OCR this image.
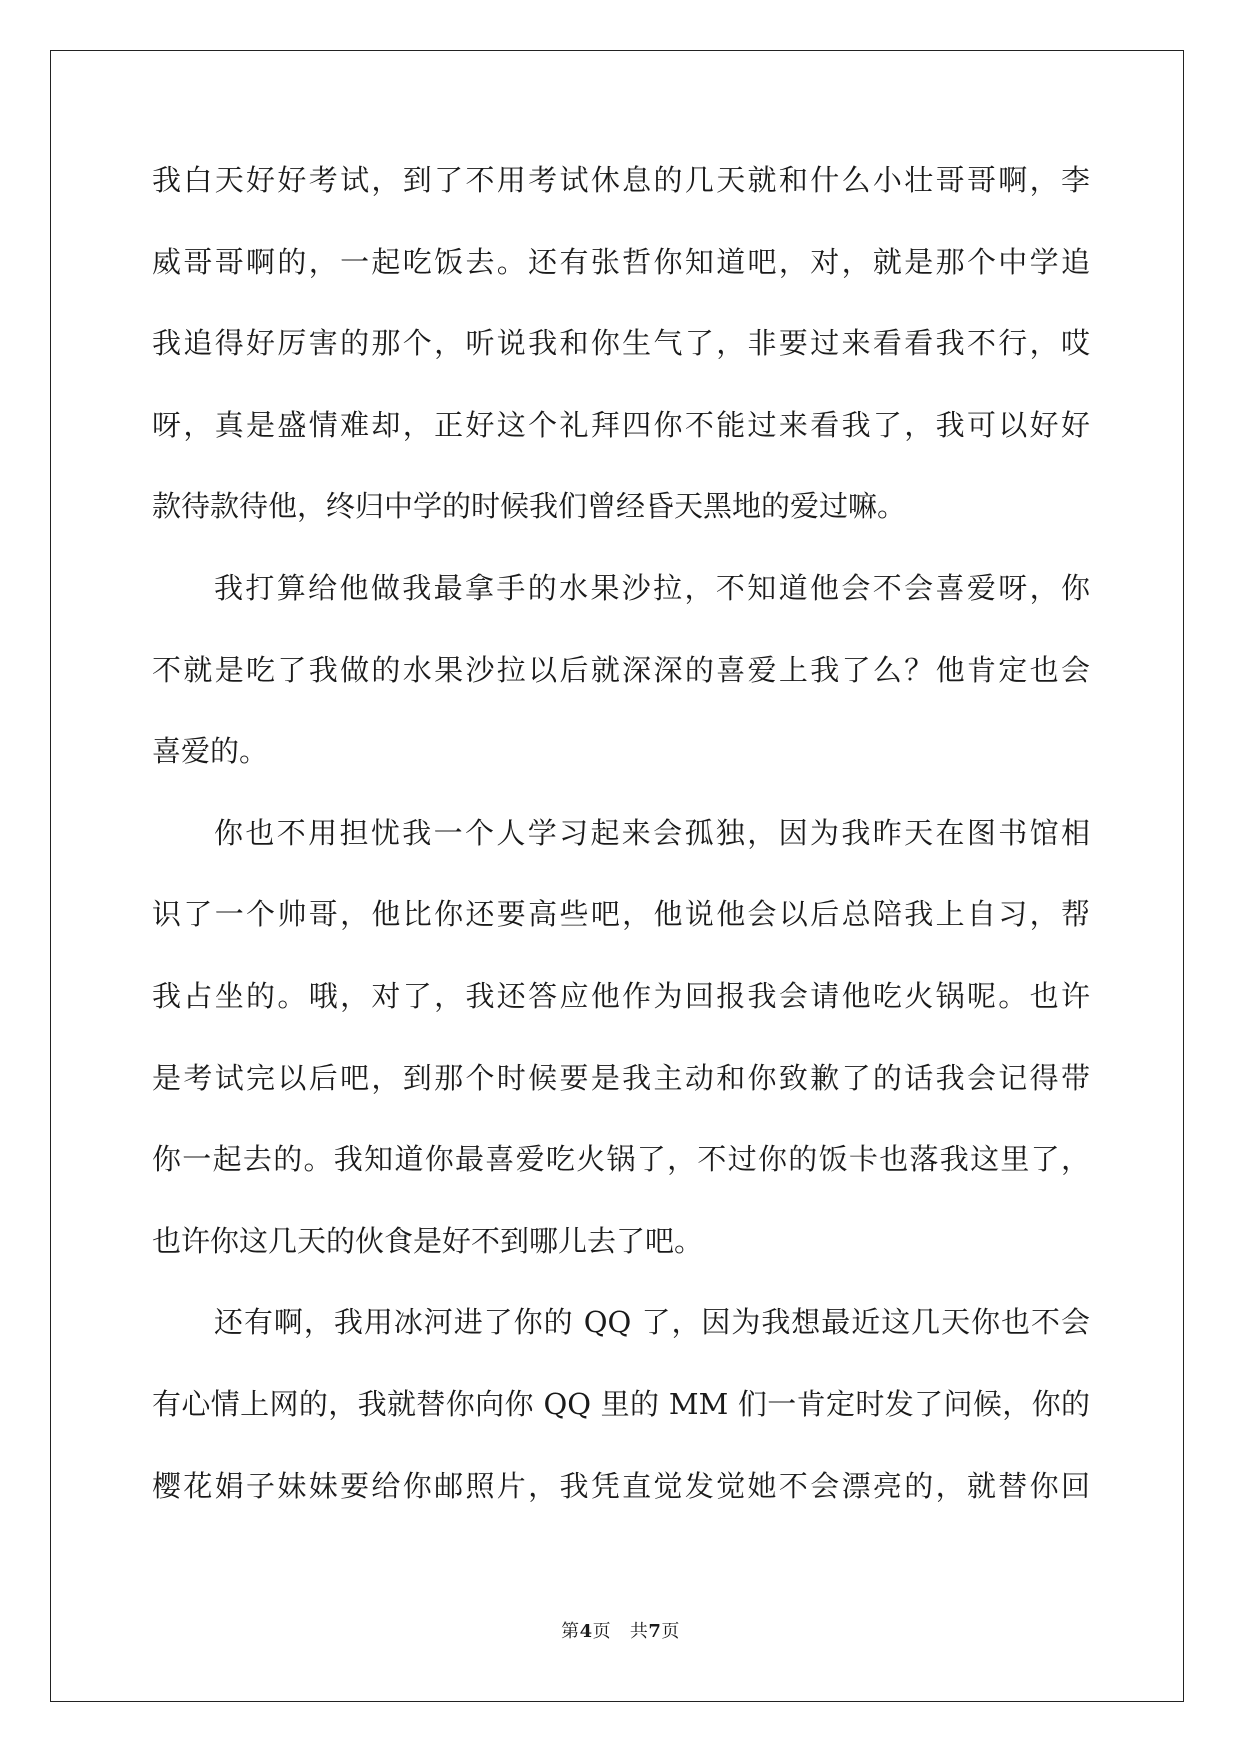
我白天好好考试，到了不用考试休息的几天就和什么小壮哥哥啊，李
威哥哥啊的，一起吃饭去。还有张哲你知道吧，对，就是那个中学追
我追得好厉害的那个，听说我和你生气了，非要过来看看我不行，哎
呀，真是盛情难却，正好这个礼拜四你不能过来看我了，我可以好好
款待款待他，终归中学的时候我们曾经昏天黑地的爱过嘛。
我打算给他做我最拿手的水果沙拉，不知道他会不会喜爱呀，你
不就是吃了我做的水果沙拉以后就深深的喜爱上我了么？他肯定也会
喜爱的。
你也不用担忧我一个人学习起来会孤独，因为我昨天在图书馆相
识了一个帅哥，他比你还要高些吧，他说他会以后总陪我上自习，帮
我占坐的。哦，对了，我还答应他作为回报我会请他吃火锅呢。也许
是考试完以后吧，到那个时候要是我主动和你致歉了的话我会记得带
你一起去的。我知道你最喜爱吃火锅了，不过你的饭卡也落我这里了，
也许你这几天的伙食是好不到哪儿去了吧。
还有啊，我用冰河进了你的 QQ 了，因为我想最近这几天你也不会
有心情上网的，我就替你向你 QQ 里的 MM 们一肯定时发了问候，你的
樱花娟子妹妹要给你邮照片，我凭直觉发觉她不会漂亮的，就替你回
第4页 共7页
